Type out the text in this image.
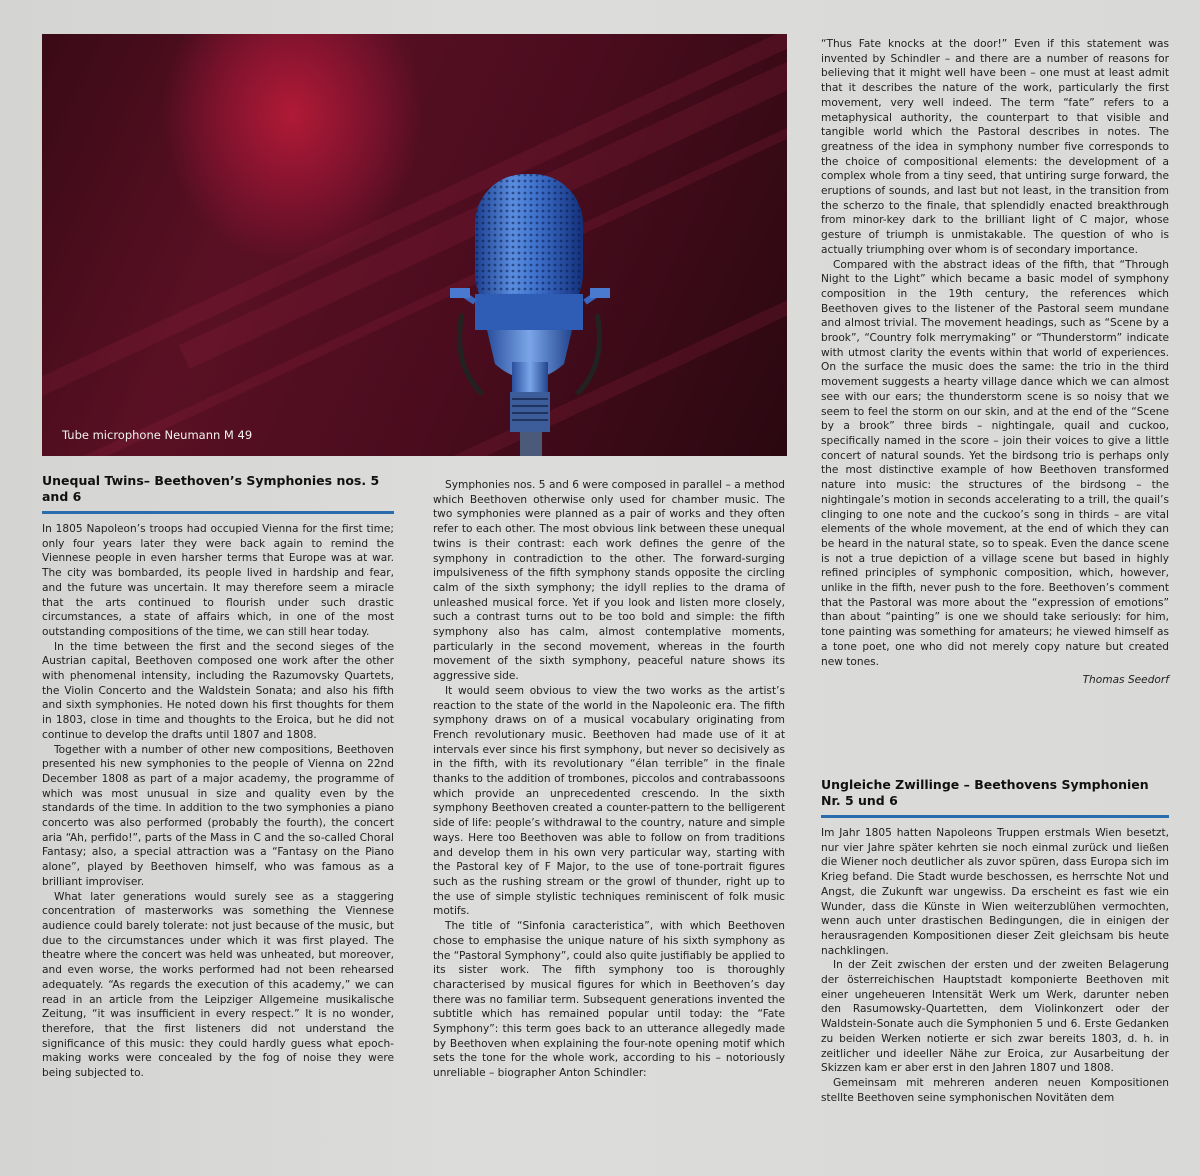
Tube microphone Neumann M 49
Unequal Twins– Beethoven’s Symphonies nos. 5 and 6

In 1805 Napoleon’s troops had occupied Vienna for the first time; only four years later they were back again to remind the Viennese people in even harsher terms that Europe was at war. The city was bombarded, its people lived in hardship and fear, and the future was uncertain. It may therefore seem a miracle that the arts continued to flourish under such drastic circumstances, a state of affairs which, in one of the most outstanding compositions of the time, we can still hear today.

In the time between the first and the second sieges of the Austrian capital, Beethoven composed one work after the other with phenomenal intensity, including the Razumovsky Quartets, the Violin Concerto and the Waldstein Sonata; and also his fifth and sixth symphonies. He noted down his first thoughts for them in 1803, close in time and thoughts to the Eroica, but he did not continue to develop the drafts until 1807 and 1808.

Together with a number of other new compositions, Beethoven presented his new symphonies to the people of Vienna on 22nd December 1808 as part of a major academy, the programme of which was most unusual in size and quality even by the standards of the time. In addition to the two symphonies a piano concerto was also performed (probably the fourth), the concert aria “Ah, perfido!”, parts of the Mass in C and the so-called Choral Fantasy; also, a special attraction was a “Fantasy on the Piano alone”, played by Beethoven himself, who was famous as a brilliant improviser.

What later generations would surely see as a staggering concentration of masterworks was something the Viennese audience could barely tolerate: not just because of the music, but due to the circumstances under which it was first played. The theatre where the concert was held was unheated, but moreover, and even worse, the works performed had not been rehearsed adequately. “As regards the execution of this academy,” we can read in an article from the Leipziger Allgemeine musikalische Zeitung, “it was insufficient in every respect.” It is no wonder, therefore, that the first listeners did not understand the significance of this music: they could hardly guess what epoch-making works were concealed by the fog of noise they were being subjected to.

Symphonies nos. 5 and 6 were composed in parallel – a method which Beethoven otherwise only used for chamber music. The two symphonies were planned as a pair of works and they often refer to each other. The most obvious link between these unequal twins is their contrast: each work defines the genre of the symphony in contradiction to the other. The forward-surging impulsiveness of the fifth symphony stands opposite the circling calm of the sixth symphony; the idyll replies to the drama of unleashed musical force. Yet if you look and listen more closely, such a contrast turns out to be too bold and simple: the fifth symphony also has calm, almost contemplative moments, particularly in the second movement, whereas in the fourth movement of the sixth symphony, peaceful nature shows its aggressive side.

It would seem obvious to view the two works as the artist’s reaction to the state of the world in the Napoleonic era. The fifth symphony draws on of a musical vocabulary originating from French revolutionary music. Beethoven had made use of it at intervals ever since his first symphony, but never so decisively as in the fifth, with its revolutionary “élan terrible” in the finale thanks to the addition of trombones, piccolos and contrabassoons which provide an unprecedented crescendo. In the sixth symphony Beethoven created a counter-pattern to the belligerent side of life: people’s withdrawal to the country, nature and simple ways. Here too Beethoven was able to follow on from traditions and develop them in his own very particular way, starting with the Pastoral key of F Major, to the use of tone-portrait figures such as the rushing stream or the growl of thunder, right up to the use of simple stylistic techniques reminiscent of folk music motifs.

The title of “Sinfonia caracteristica”, with which Beethoven chose to emphasise the unique nature of his sixth symphony as the “Pastoral Symphony”, could also quite justifiably be applied to its sister work. The fifth symphony too is thoroughly characterised by musical figures for which in Beethoven’s day there was no familiar term. Subsequent generations invented the subtitle which has remained popular until today: the “Fate Symphony”: this term goes back to an utterance allegedly made by Beethoven when explaining the four-note opening motif which sets the tone for the whole work, according to his – notoriously unreliable – biographer Anton Schindler:

“Thus Fate knocks at the door!” Even if this statement was invented by Schindler – and there are a number of reasons for believing that it might well have been – one must at least admit that it describes the nature of the work, particularly the first movement, very well indeed. The term “fate” refers to a metaphysical authority, the counterpart to that visible and tangible world which the Pastoral describes in notes. The greatness of the idea in symphony number five corresponds to the choice of compositional elements: the development of a complex whole from a tiny seed, that untiring surge forward, the eruptions of sounds, and last but not least, in the transition from the scherzo to the finale, that splendidly enacted breakthrough from minor-key dark to the brilliant light of C major, whose gesture of triumph is unmistakable. The question of who is actually triumphing over whom is of secondary importance.

Compared with the abstract ideas of the fifth, that “Through Night to the Light” which became a basic model of symphony composition in the 19th century, the references which Beethoven gives to the listener of the Pastoral seem mundane and almost trivial. The movement headings, such as “Scene by a brook”, “Country folk merrymaking” or “Thunderstorm” indicate with utmost clarity the events within that world of experiences. On the surface the music does the same: the trio in the third movement suggests a hearty village dance which we can almost see with our ears; the thunderstorm scene is so noisy that we seem to feel the storm on our skin, and at the end of the “Scene by a brook” three birds – nightingale, quail and cuckoo, specifically named in the score – join their voices to give a little concert of natural sounds. Yet the birdsong trio is perhaps only the most distinctive example of how Beethoven transformed nature into music: the structures of the birdsong – the nightingale’s motion in seconds accelerating to a trill, the quail’s clinging to one note and the cuckoo’s song in thirds – are vital elements of the whole movement, at the end of which they can be heard in the natural state, so to speak. Even the dance scene is not a true depiction of a village scene but based in highly refined principles of symphonic composition, which, however, unlike in the fifth, never push to the fore. Beethoven’s comment that the Pastoral was more about the “expression of emotions” than about “painting” is one we should take seriously: for him, tone painting was something for amateurs; he viewed himself as a tone poet, one who did not merely copy nature but created new tones.

Thomas Seedorf
Ungleiche Zwillinge – Beethovens Symphonien Nr. 5 und 6

Im Jahr 1805 hatten Napoleons Truppen erstmals Wien besetzt, nur vier Jahre später kehrten sie noch einmal zurück und ließen die Wiener noch deutlicher als zuvor spüren, dass Europa sich im Krieg befand. Die Stadt wurde beschossen, es herrschte Not und Angst, die Zukunft war ungewiss. Da erscheint es fast wie ein Wunder, dass die Künste in Wien weiterzublühen vermochten, wenn auch unter drastischen Bedingungen, die in einigen der herausragenden Kompositionen dieser Zeit gleichsam bis heute nachklingen.

In der Zeit zwischen der ersten und der zweiten Belagerung der österreichischen Hauptstadt komponierte Beethoven mit einer ungeheueren Intensität Werk um Werk, darunter neben den Rasumowsky-Quartetten, dem Violinkonzert oder der Waldstein-Sonate auch die Symphonien 5 und 6. Erste Gedanken zu beiden Werken notierte er sich zwar bereits 1803, d. h. in zeitlicher und ideeller Nähe zur Eroica, zur Ausarbeitung der Skizzen kam er aber erst in den Jahren 1807 und 1808.

Gemeinsam mit mehreren anderen neuen Kompositionen stellte Beethoven seine symphonischen Novitäten dem
